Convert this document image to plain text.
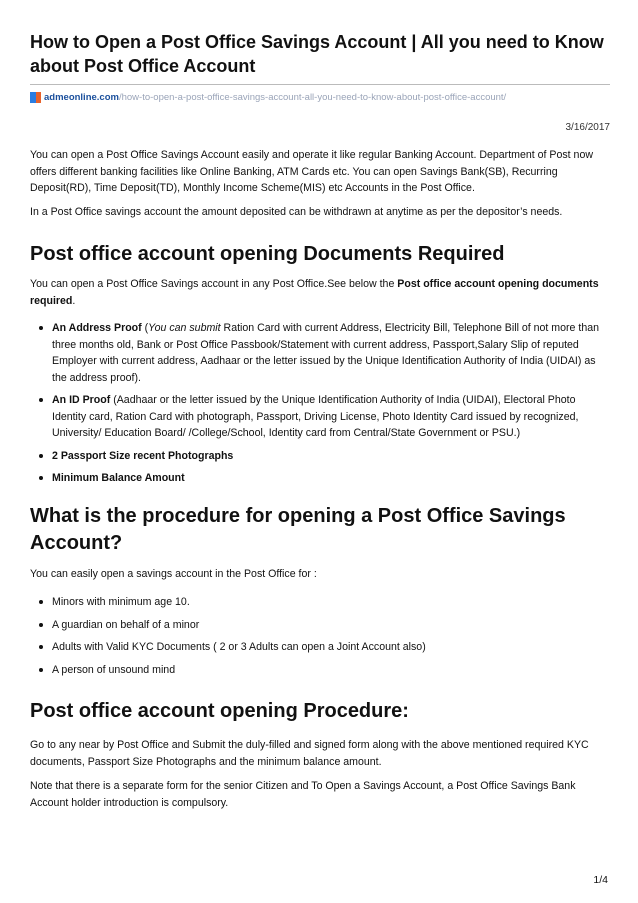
How to Open a Post Office Savings Account | All you need to Know about Post Office Account
admeonline.com /how-to-open-a-post-office-savings-account-all-you-need-to-know-about-post-office-account/
3/16/2017

You can open a Post Office Savings Account easily and operate it like regular Banking Account. Department of Post now offers different banking facilities like Online Banking, ATM Cards etc. You can open Savings Bank(SB), Recurring Deposit(RD), Time Deposit(TD), Monthly Income Scheme(MIS) etc Accounts in the Post Office.

In a Post Office savings account the amount deposited can be withdrawn at anytime as per the depositor’s needs.

Post office account opening Documents Required

You can open a Post Office Savings account in any Post Office.See below the Post office account opening documents required.

An Address Proof (You can submit Ration Card with current Address, Electricity Bill, Telephone Bill of not more than three months old, Bank or Post Office Passbook/Statement with current address, Passport,Salary Slip of reputed Employer with current address, Aadhaar or the letter issued by the Unique Identification Authority of India (UIDAI) as the address proof).
An ID Proof (Aadhaar or the letter issued by the Unique Identification Authority of India (UIDAI), Electoral Photo Identity card, Ration Card with photograph, Passport, Driving License, Photo Identity Card issued by recognized, University/ Education Board/ /College/School, Identity card from Central/State Government or PSU.)
2 Passport Size recent Photographs
Minimum Balance Amount
What is the procedure for opening a Post Office Savings Account?

You can easily open a savings account in the Post Office for :

Minors with minimum age 10.
A guardian on behalf of a minor
Adults with Valid KYC Documents ( 2 or 3 Adults can open a Joint Account also)
A person of unsound mind
Post office account opening Procedure:

Go to any near by Post Office and Submit the duly-filled and signed form along with the above mentioned required KYC documents, Passport Size Photographs and the minimum balance amount.

Note that there is a separate form for the senior Citizen and To Open a Savings Account, a Post Office Savings Bank Account holder introduction is compulsory.

1/4
